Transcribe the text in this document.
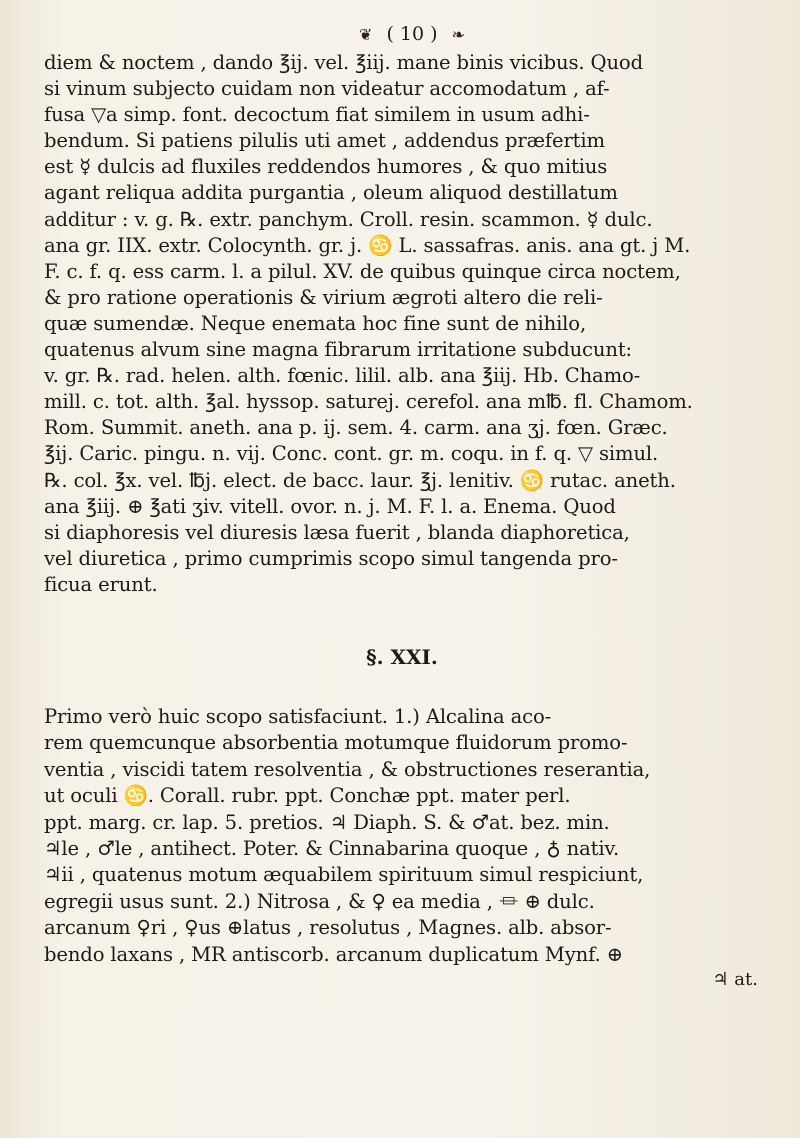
❦ ( 10 ) ❧
diem & noctem , dando ℥ij. vel. ℥iij. mane binis vicibus. Quod
si vinum subjecto cuidam non videatur accomodatum , af-
fusa ▽a simp. font. decoctum fiat similem in usum adhi-
bendum. Si patiens pilulis uti amet , addendus præfertim
est ☿ dulcis ad fluxiles reddendos humores , & quo mitius
agant reliqua addita purgantia , oleum aliquod destillatum
additur : v. g. ℞. extr. panchym. Croll. resin. scammon. ☿ dulc.
ana gr. IIX. extr. Colocynth. gr. j. ♋ L. sassafras. anis. ana gt. j M.
F. c. f. q. ess carm. l. a pilul. XV. de quibus quinque circa noctem,
& pro ratione operationis & virium ægroti altero die reli-
quæ sumendæ. Neque enemata hoc fine sunt de nihilo,
quatenus alvum sine magna fibrarum irritatione subducunt:
v. gr. ℞. rad. helen. alth. fœnic. lilil. alb. ana ℥iij. Hb. Chamo-
mill. c. tot. alth. ℥al. hyssop. saturej. cerefol. ana m℔. fl. Chamom.
Rom. Summit. aneth. ana p. ij. sem. 4. carm. ana ʒj. fœn. Græc.
℥ij. Caric. pingu. n. vij. Conc. cont. gr. m. coqu. in f. q. ▽ simul.
℞. col. ℥x. vel. ℔j. elect. de bacc. laur. ℥j. lenitiv. ♋ rutac. aneth.
ana ℥iij. ⊕ ℥ati ʒiv. vitell. ovor. n. j. M. F. l. a. Enema. Quod
si diaphoresis vel diuresis læsa fuerit , blanda diaphoretica,
vel diuretica , primo cumprimis scopo simul tangenda pro-
ficua erunt.
§. XXI.
Primo verò huic scopo satisfaciunt. 1.) Alcalina aco-
rem quemcunque absorbentia motumque fluidorum promo-
ventia , viscidi tatem resolventia , & obstructiones reserantia,
ut oculi ♋. Corall. rubr. ppt. Conchæ ppt. mater perl.
ppt. marg. cr. lap. 5. pretios. ♃ Diaph. S. & ♂at. bez. min.
♃le , ♂le , antihect. Poter. & Cinnabarina quoque , ♁ nativ.
♃ii , quatenus motum æquabilem spirituum simul respiciunt,
egregii usus sunt. 2.) Nitrosa , & ♀ ea media , ⏛ ⊕ dulc.
arcanum ♀ri , ♀us ⊕latus , resolutus , Magnes. alb. absor-
bendo laxans , MR antiscorb. arcanum duplicatum Mynf. ⊕
♃ at.
